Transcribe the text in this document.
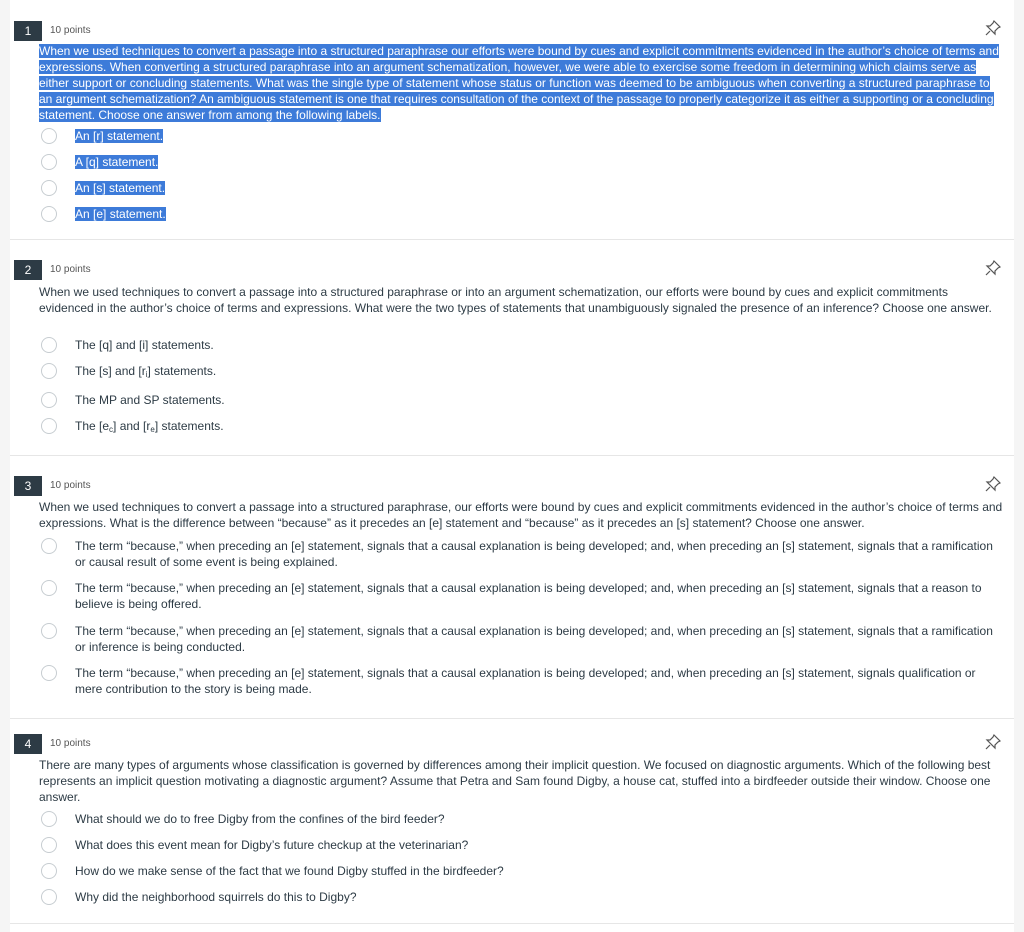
1	10 points
When we used techniques to convert a passage into a structured paraphrase our efforts were bound by cues and explicit commitments evidenced in the author’s choice of terms and expressions. When converting a structured paraphrase into an argument schematization, however, we were able to exercise some freedom in determining which claims serve as either support or concluding statements. What was the single type of statement whose status or function was deemed to be ambiguous when converting a structured paraphrase to an argument schematization? An ambiguous statement is one that requires consultation of the context of the passage to properly categorize it as either a supporting or a concluding statement. Choose one answer from among the following labels.
An [r] statement.
A [q] statement.
An [s] statement.
An [e] statement.
2	10 points
When we used techniques to convert a passage into a structured paraphrase or into an argument schematization, our efforts were bound by cues and explicit commitments evidenced in the author’s choice of terms and expressions. What were the two types of statements that unambiguously signaled the presence of an inference? Choose one answer.
The [q] and [i] statements.
The [s] and $[r_i]$ statements.
The MP and SP statements.
The $[e_c]$ and $[r_e]$ statements.
3	10 points
When we used techniques to convert a passage into a structured paraphrase, our efforts were bound by cues and explicit commitments evidenced in the author’s choice of terms and expressions. What is the difference between “because” as it precedes an [e] statement and “because” as it precedes an [s] statement? Choose one answer.
The term “because,” when preceding an [e] statement, signals that a causal explanation is being developed; and, when preceding an [s] statement, signals that a ramification or causal result of some event is being explained.
The term “because,” when preceding an [e] statement, signals that a causal explanation is being developed; and, when preceding an [s] statement, signals that a reason to believe is being offered.
The term “because,” when preceding an [e] statement, signals that a causal explanation is being developed; and, when preceding an [s] statement, signals that a ramification or inference is being conducted.
The term “because,” when preceding an [e] statement, signals that a causal explanation is being developed; and, when preceding an [s] statement, signals qualification or mere contribution to the story is being made.
4	10 points
There are many types of arguments whose classification is governed by differences among their implicit question. We focused on diagnostic arguments. Which of the following best represents an implicit question motivating a diagnostic argument? Assume that Petra and Sam found Digby, a house cat, stuffed into a birdfeeder outside their window. Choose one answer.
What should we do to free Digby from the confines of the bird feeder?
What does this event mean for Digby’s future checkup at the veterinarian?
How do we make sense of the fact that we found Digby stuffed in the birdfeeder?
Why did the neighborhood squirrels do this to Digby?
